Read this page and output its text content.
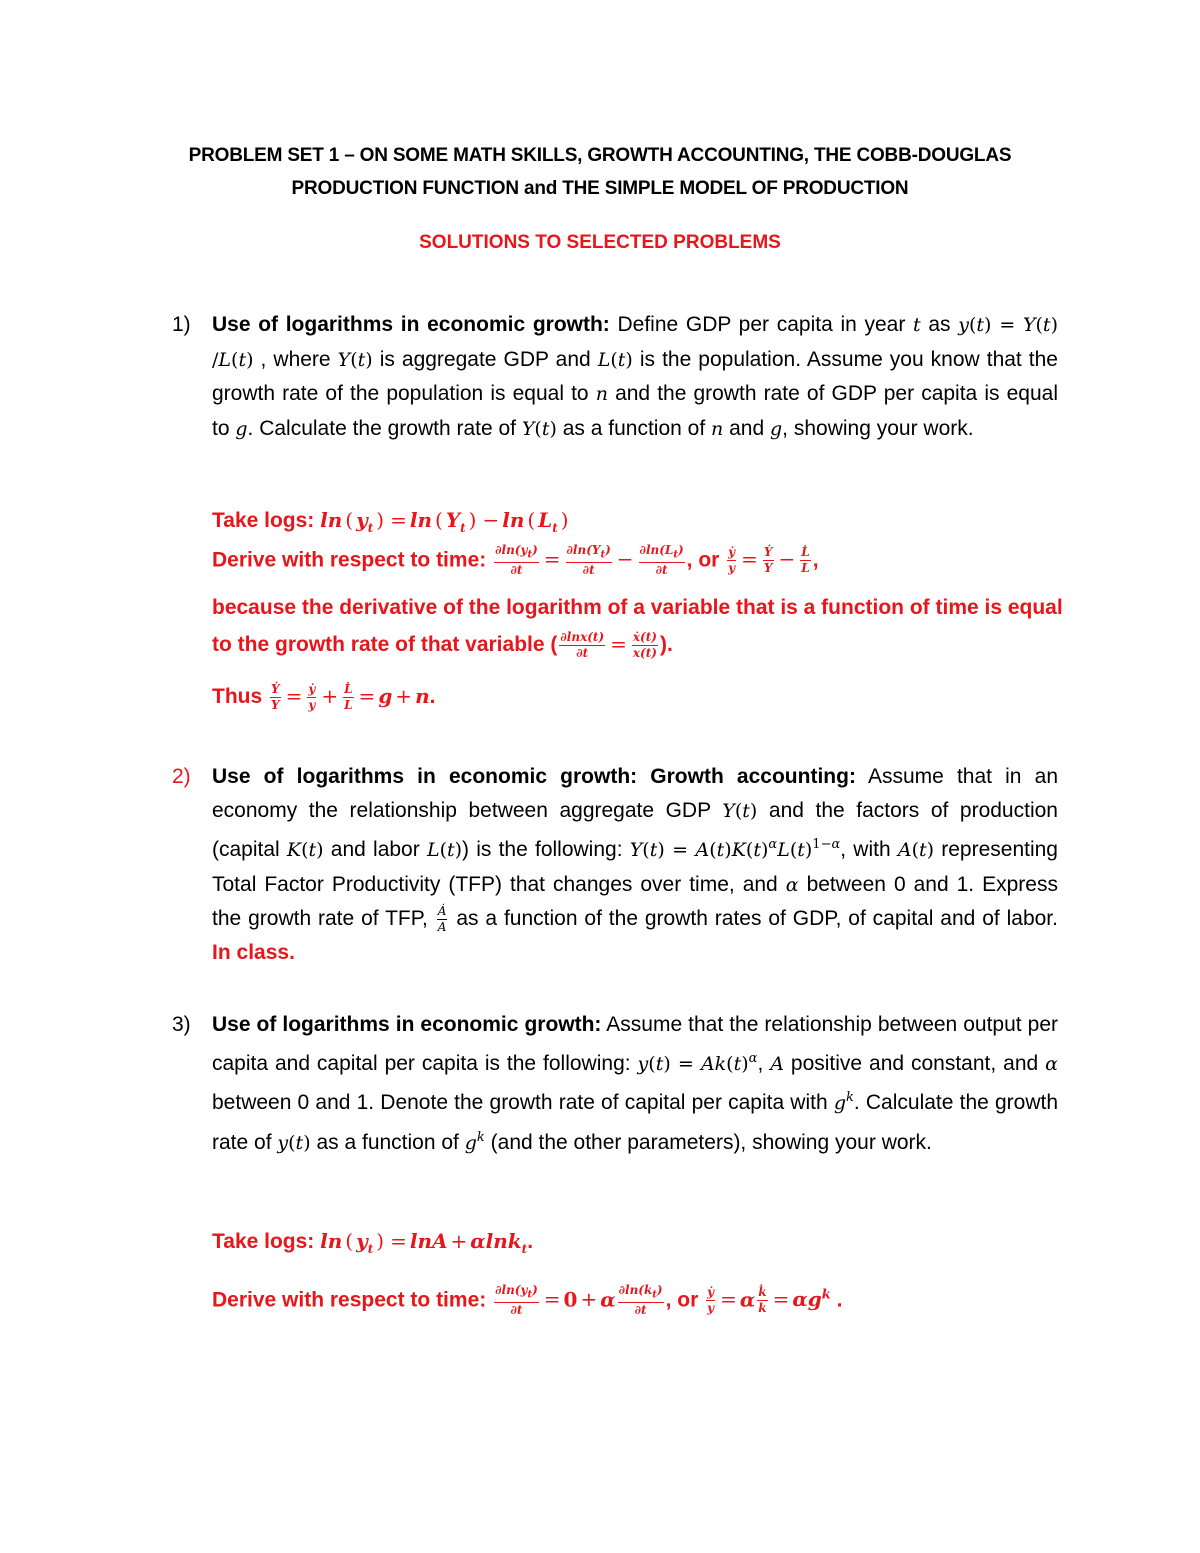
PROBLEM SET 1 – ON SOME MATH SKILLS, GROWTH ACCOUNTING, THE COBB-DOUGLAS
PRODUCTION FUNCTION and THE SIMPLE MODEL OF PRODUCTION
SOLUTIONS TO SELECTED PROBLEMS
1) Use of logarithms in economic growth: Define GDP per capita in year t as y(t) = Y(t) /L(t) , where Y(t) is aggregate GDP and L(t) is the population. Assume you know that the growth rate of the population is equal to n and the growth rate of GDP per capita is equal to g. Calculate the growth rate of Y(t) as a function of n and g, showing your work.
Take logs: ln ( $y_t$ ) = ln ( $Y_t$ ) − ln ( $L_t$ )
Derive with respect to time: $\frac{\partial\ln(y_t)}{\partial t} = \frac{\partial\ln(Y_t)}{\partial t} - \frac{\partial\ln(L_t)}{\partial t}$ , or $\frac{\text{ẏ}}{y} = \frac{\text{Ẏ}}{Y} - \frac{L̇}{L}$ ,
because the derivative of the logarithm of a variable that is a function of time is equal
to the growth rate of that variable ( $\frac{\partial\ln x(t)}{\partial t} = \frac{\text{ẋ(t)}}{x(t)}$ ).
Thus $\frac{\text{Ẏ}}{Y} = \frac{\text{ẏ}}{y} + \frac{L̇}{L} = g + n$.
2) Use of logarithms in economic growth: Growth accounting: Assume that in an economy the relationship between aggregate GDP Y(t) and the factors of production (capital K(t) and labor L(t)) is the following: $Y(t) = A(t)K(t)^\alpha L(t)^{1-\alpha}$, with A(t) representing Total Factor Productivity (TFP) that changes over time, and α between 0 and 1. Express the growth rate of TFP, $\frac{Ȧ}{A}$ as a function of the growth rates of GDP, of capital and of labor. In class.
3) Use of logarithms in economic growth: Assume that the relationship between output per capita and capital per capita is the following: $y(t) = Ak(t)^\alpha$, A positive and constant, and α between 0 and 1. Denote the growth rate of capital per capita with $g^k$. Calculate the growth rate of y(t) as a function of $g^k$ (and the other parameters), showing your work.
Take logs: ln ( $y_t$ ) = lnA + αlnk$_t$.
Derive with respect to time: $\frac{\partial\ln(y_t)}{\partial t} = 0 + \alpha \frac{\partial\ln(k_t)}{\partial t}$ , or $\frac{\text{ẏ}}{y} = \alpha \frac{k̇}{k} = \alpha g^k$ .
